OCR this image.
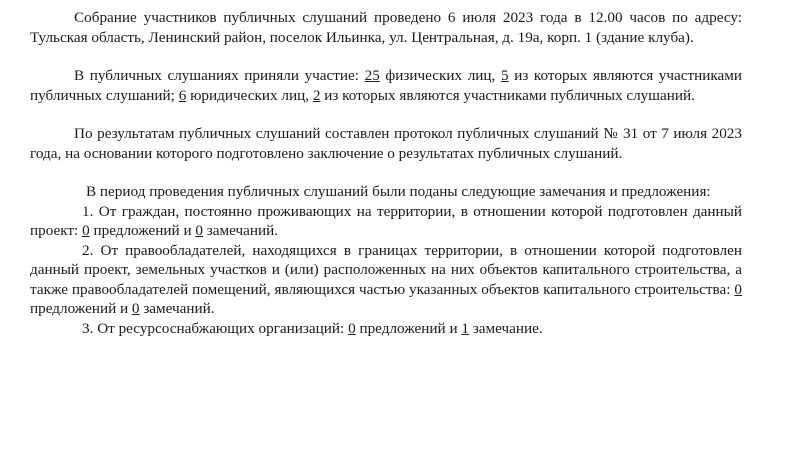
Собрание участников публичных слушаний проведено 6 июля 2023 года в 12.00 часов по адресу: Тульская область, Ленинский район, поселок Ильинка, ул. Центральная, д. 19а, корп. 1 (здание клуба).

В публичных слушаниях приняли участие: 25 физических лиц, 5 из которых являются участниками публичных слушаний; 6 юридических лиц, 2 из которых являются участниками публичных слушаний.

По результатам публичных слушаний составлен протокол публичных слушаний № 31 от 7 июля 2023 года, на основании которого подготовлено заключение о результатах публичных слушаний.

В период проведения публичных слушаний были поданы следующие замечания и предложения:

1. От граждан, постоянно проживающих на территории, в отношении которой подготовлен данный проект: 0 предложений и 0 замечаний.

2. От правообладателей, находящихся в границах территории, в отношении которой подготовлен данный проект, земельных участков и (или) расположенных на них объектов капитального строительства, а также правообладателей помещений, являющихся частью указанных объектов капитального строительства: 0 предложений и 0 замечаний.

3. От ресурсоснабжающих организаций: 0 предложений и 1 замечание.
